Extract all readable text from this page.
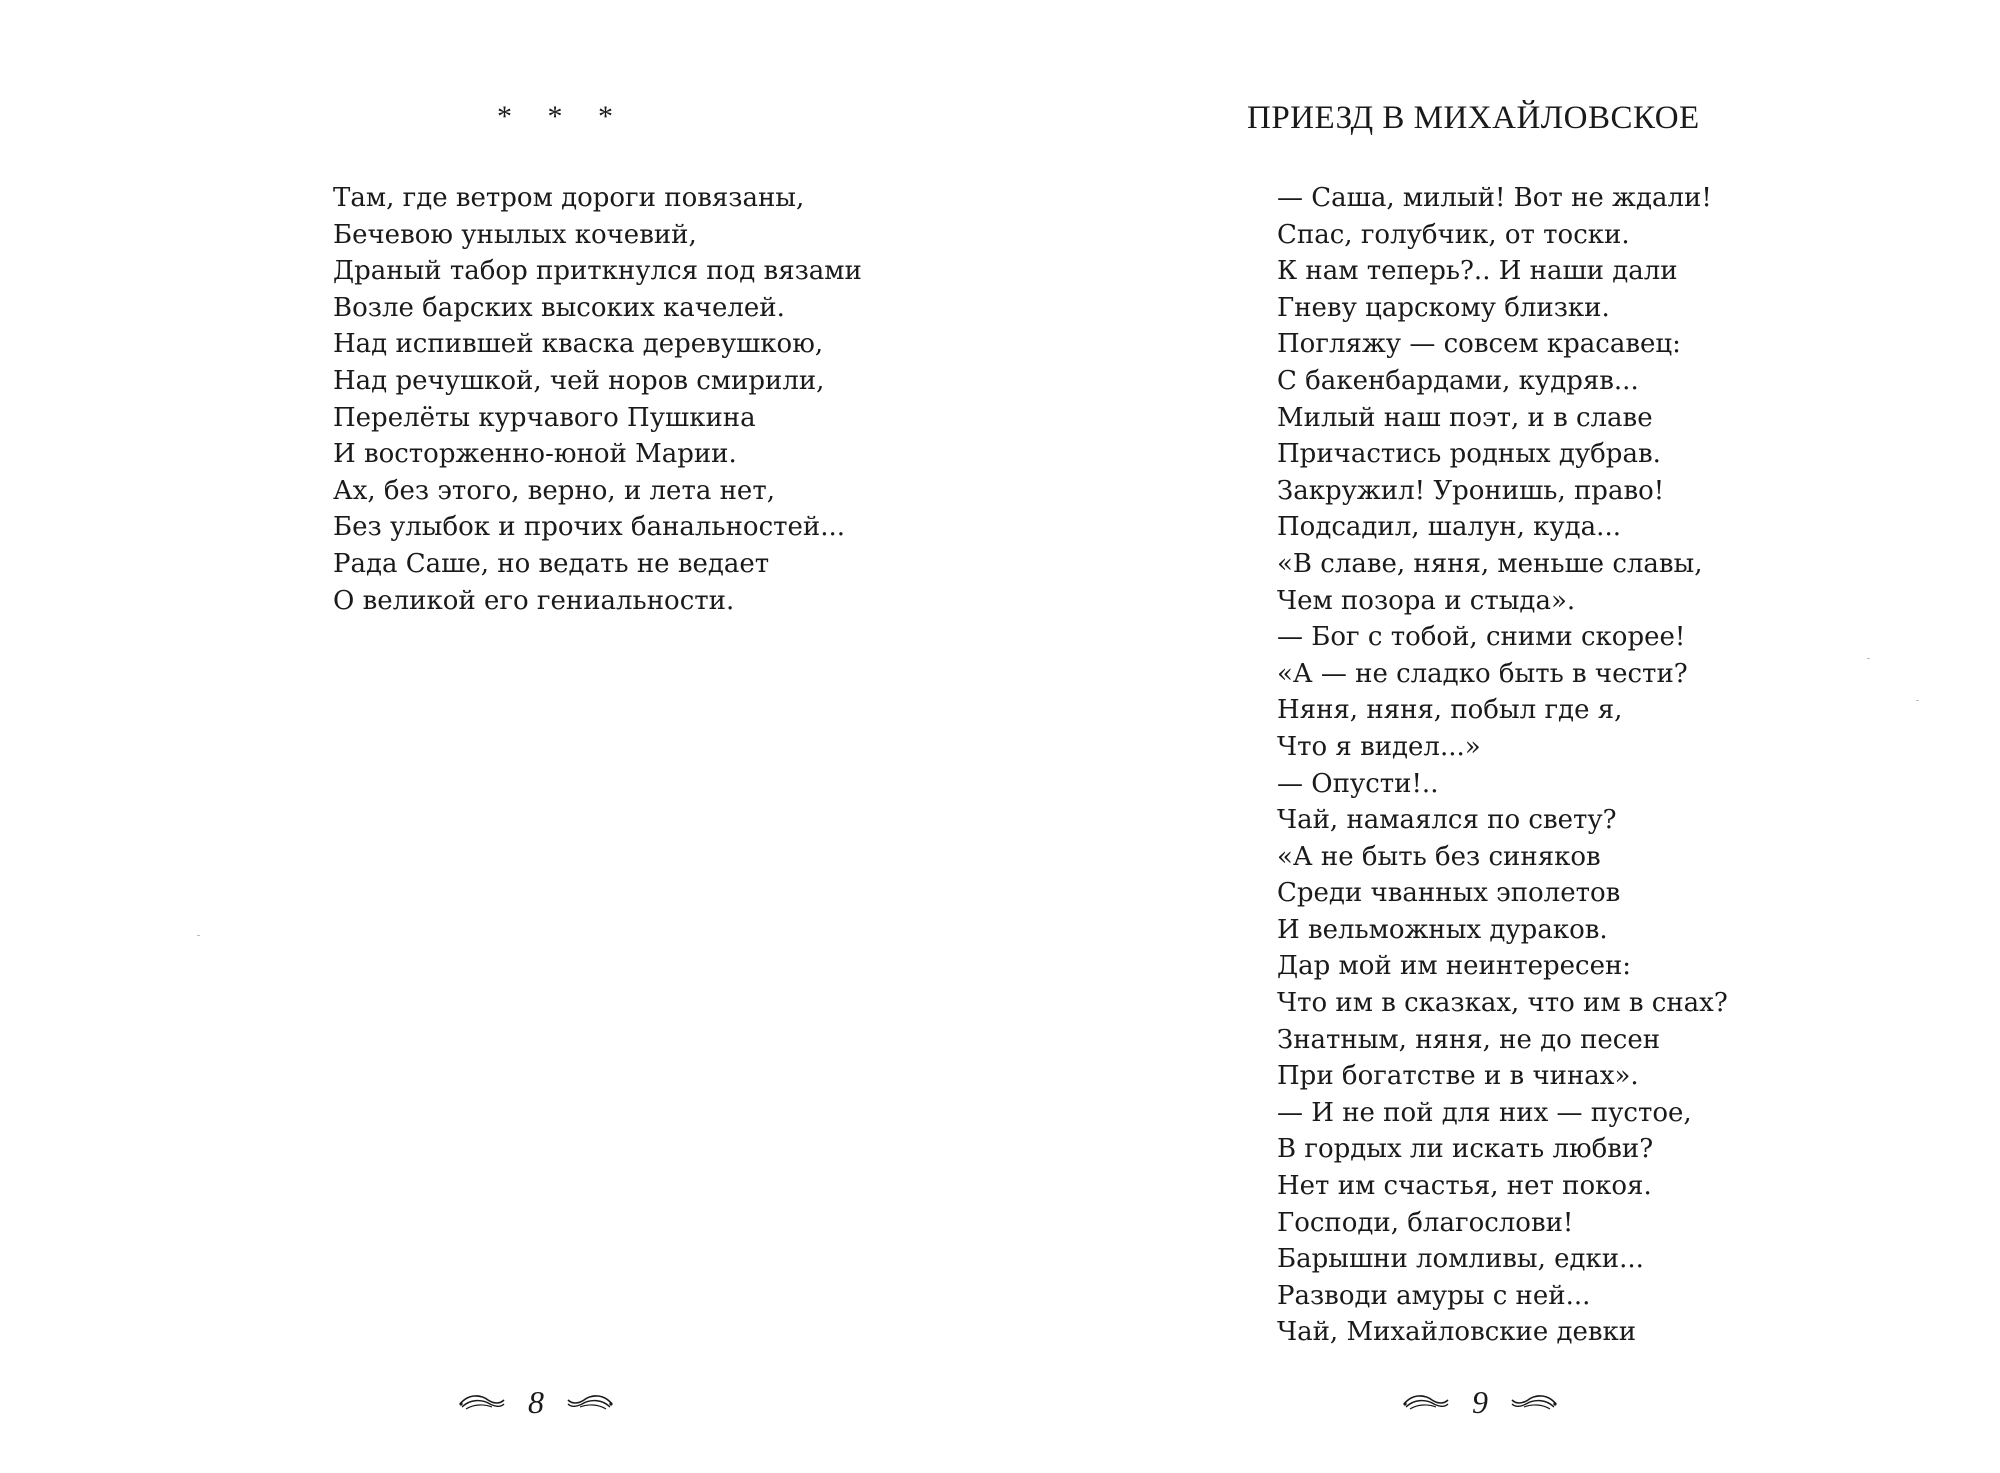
* * *
Там, где ветром дороги повязаны,
Бечевою унылых кочевий,
Драный табор приткнулся под вязами
Возле барских высоких качелей.
Над испившей кваска деревушкою,
Над речушкой, чей норов смирили,
Перелёты курчавого Пушкина
И восторженно-юной Марии.
Ах, без этого, верно, и лета нет,
Без улыбок и прочих банальностей...
Рада Саше, но ведать не ведает
О великой его гениальности.
8
ПРИЕЗД В МИХАЙЛОВСКОЕ
— Саша, милый! Вот не ждали!
Спас, голубчик, от тоски.
К нам теперь?.. И наши дали
Гневу царскому близки.
Погляжу — совсем красавец:
С бакенбардами, кудряв...
Милый наш поэт, и в славе
Причастись родных дубрав.
Закружил! Уронишь, право!
Подсадил, шалун, куда...
«В славе, няня, меньше славы,
Чем позора и стыда».
— Бог с тобой, сними скорее!
«А — не сладко быть в чести?
Няня, няня, побыл где я,
Что я видел...»
— Опусти!..
Чай, намаялся по свету?
«А не быть без синяков
Среди чванных эполетов
И вельможных дураков.
Дар мой им неинтересен:
Что им в сказках, что им в снах?
Знатным, няня, не до песен
При богатстве и в чинах».
— И не пой для них — пустое,
В гордых ли искать любви?
Нет им счастья, нет покоя.
Господи, благослови!
Барышни ломливы, едки...
Разводи амуры с ней...
Чай, Михайловские девки
9
